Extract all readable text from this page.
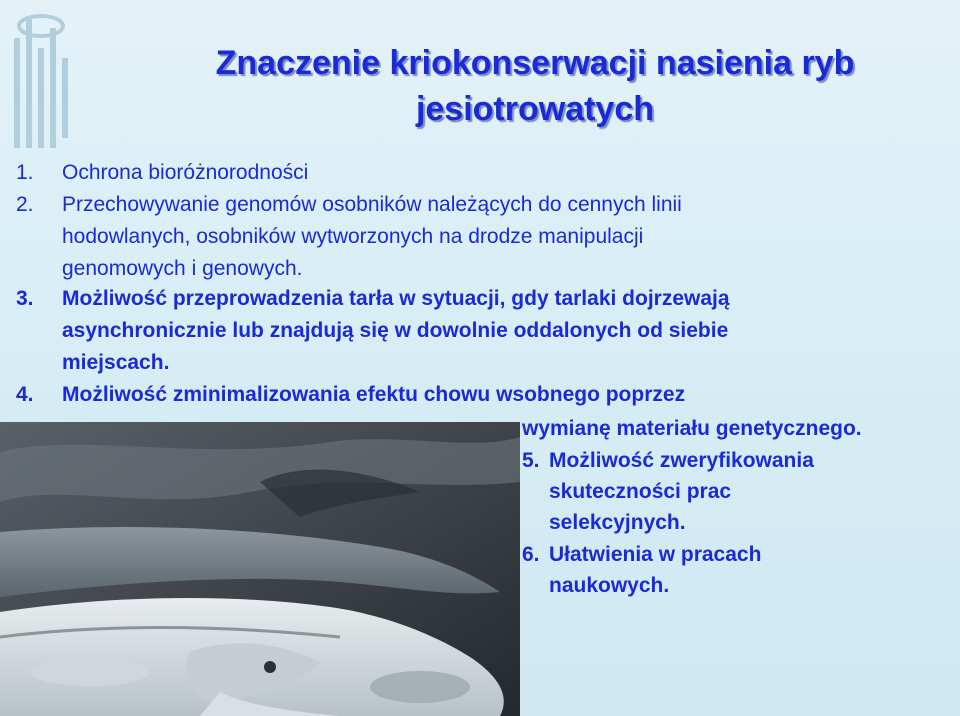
Znaczenie kriokonserwacji nasienia ryb
jesiotrowatych
1. Ochrona bioróżnorodności
2. Przechowywanie genomów osobników należących do cennych linii
hodowlanych, osobników wytworzonych na drodze manipulacji
genomowych i genowych.
3. Możliwość przeprowadzenia tarła w sytuacji, gdy tarlaki dojrzewają
asynchronicznie lub znajdują się w dowolnie oddalonych od siebie
miejscach.
4. Możliwość zminimalizowania efektu chowu wsobnego poprzez
wymianę materiału genetycznego.
5. Możliwość zweryfikowania
skuteczności prac
selekcyjnych.
6. Ułatwienia w pracach
naukowych.
